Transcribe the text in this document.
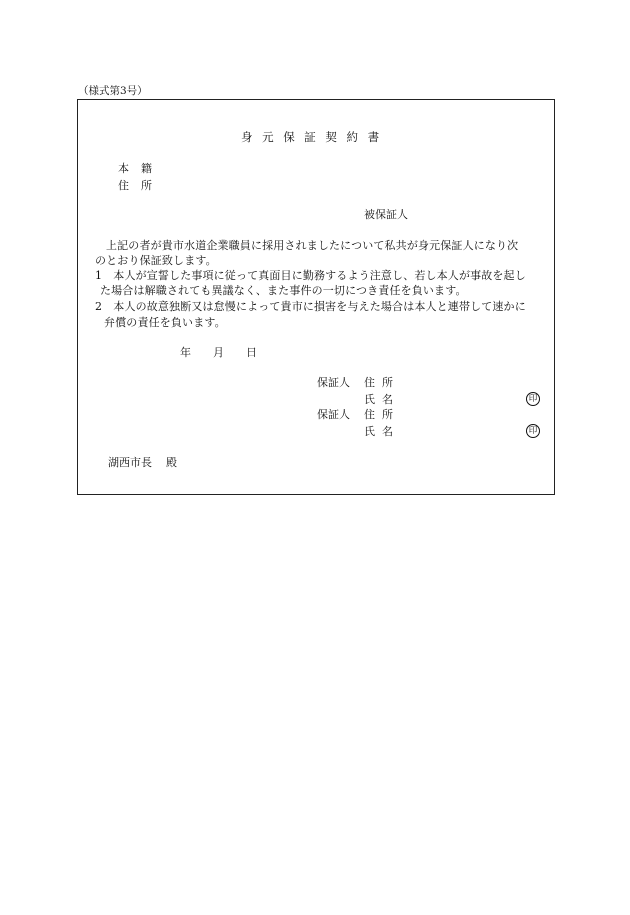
（様式第3号）
身元保証契約書
本籍
住所
被保証人
上記の者が貴市水道企業職員に採用されましたについて私共が身元保証人になり次
のとおり保証致します。
1　本人が宣誓した事項に従って真面目に勤務するよう注意し、若し本人が事故を起し
た場合は解職されても異議なく、また事件の一切につき責任を負います。
2　本人の故意独断又は怠慢によって貴市に損害を与えた場合は本人と連帯して速かに
弁償の責任を負います。
年 月 日
保証人 住所
氏名	印
保証人 住所
氏名	印
湖西市長 殿
